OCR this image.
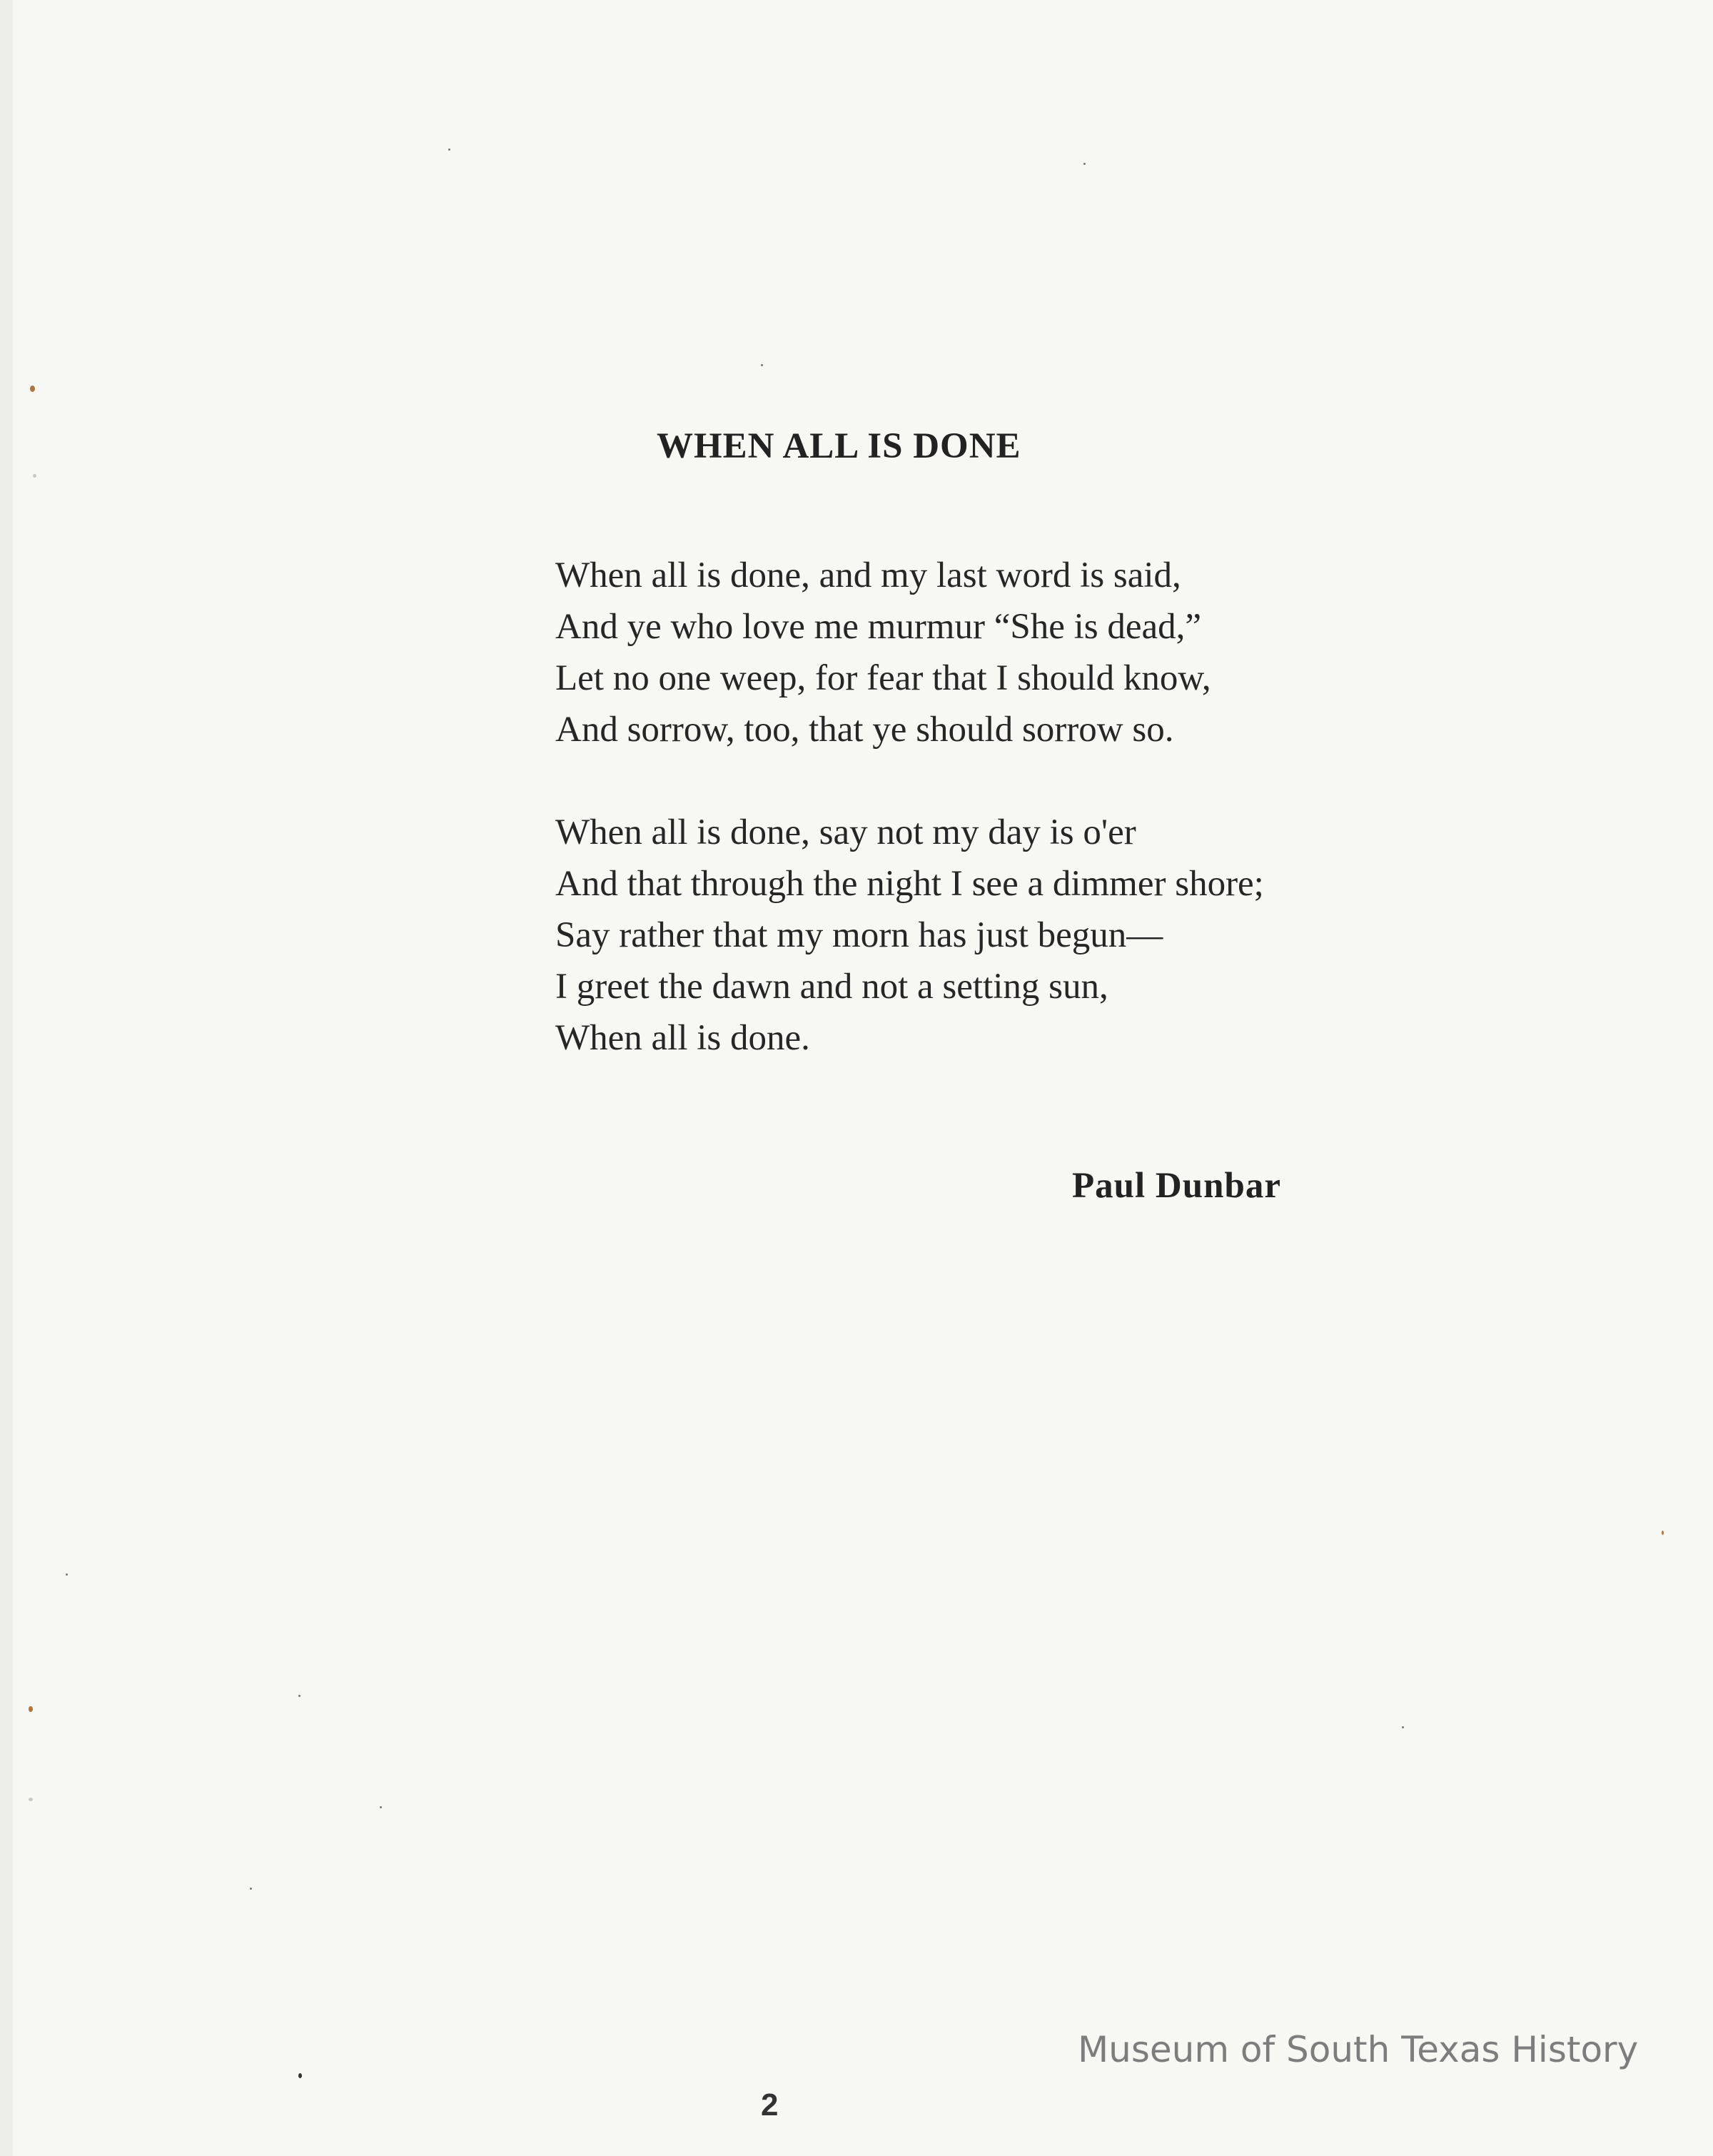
WHEN ALL IS DONE

When all is done, and my last word is said,
And ye who love me murmur “She is dead,”
Let no one weep, for fear that I should know,
And sorrow, too, that ye should sorrow so.

When all is done, say not my day is o'er
And that through the night I see a dimmer shore;
Say rather that my morn has just begun—
I greet the dawn and not a setting sun,
When all is done.

Paul Dunbar
Museum of South Texas History
2
